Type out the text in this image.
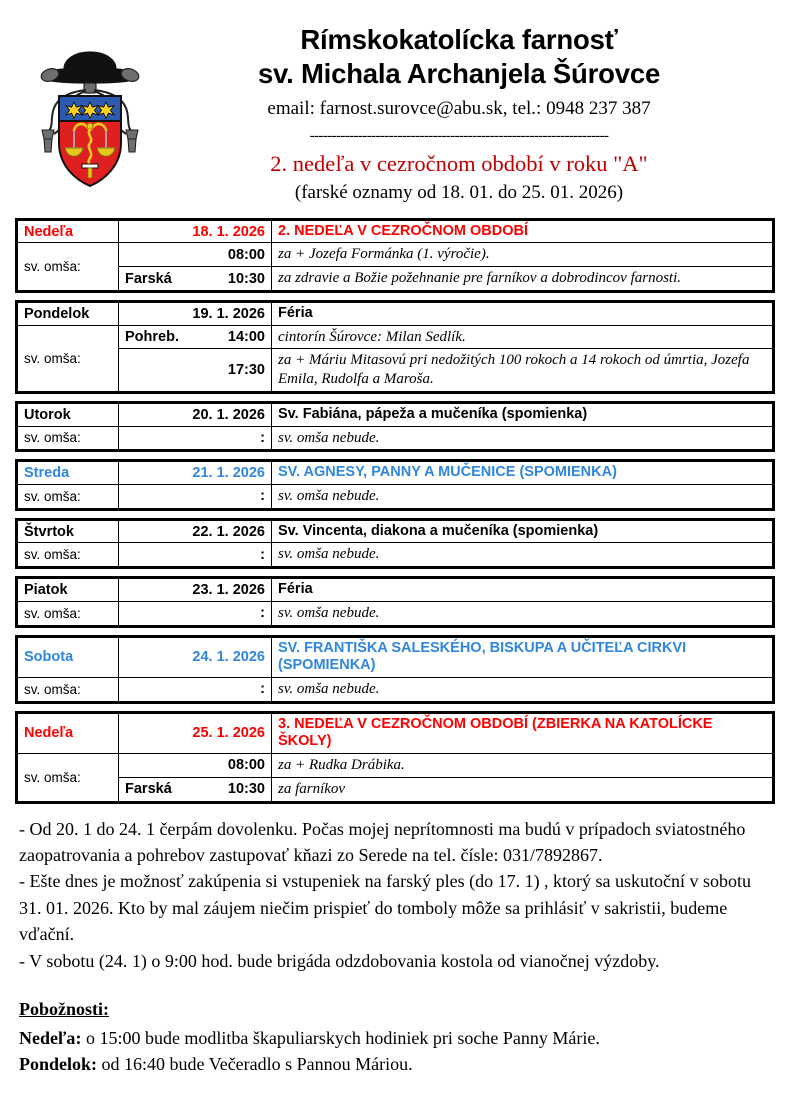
Rímskokatolícka farnosť
sv. Michala Archanjela Šúrovce
email: farnost.surovce@abu.sk, tel.: 0948 237 387
--------------------------------------------------------------------
2. nedeľa v cezročnom období v roku "A"
(farské oznamy od 18. 01. do 25. 01. 2026)
Nedeľa	18. 1. 2026	2. NEDEĽA V CEZROČNOM OBDOBÍ
sv. omša:	08:00	za + Jozefa Formánka (1. výročie).

	Farská 10:30	za zdravie a Božie požehnanie pre farníkov a dobrodincov farnosti.
Pondelok	19. 1. 2026	Féria
sv. omša:	Pohreb. 14:00	cintorín Šúrovce: Milan Sedlík.

	17:30	za + Máriu Mitasovú pri nedožitých 100 rokoch a 14 rokoch od úmrtia, Jozefa Emila, Rudolfa a Maroša.
Utorok	20. 1. 2026	Sv. Fabiána, pápeža a mučeníka (spomienka)
sv. omša:	:	sv. omša nebude.
Streda	21. 1. 2026	SV. AGNESY, PANNY A MUČENICE (SPOMIENKA)
sv. omša:	:	sv. omša nebude.
Štvrtok	22. 1. 2026	Sv. Vincenta, diakona a mučeníka (spomienka)
sv. omša:	:	sv. omša nebude.
Piatok	23. 1. 2026	Féria
sv. omša:	:	sv. omša nebude.
Sobota	24. 1. 2026	SV. FRANTIŠKA SALESKÉHO, BISKUPA A UČITEĽA CIRKVI (SPOMIENKA)
sv. omša:	:	sv. omša nebude.
Nedeľa	25. 1. 2026	3. NEDEĽA V CEZROČNOM OBDOBÍ (ZBIERKA NA KATOLÍCKE ŠKOLY)
sv. omša:	08:00	za + Rudka Drábika.

	Farská 10:30	za farníkov

- Od 20. 1 do 24. 1 čerpám dovolenku. Počas mojej neprítomnosti ma budú v prípadoch sviatostného zaopatrovania a pohrebov zastupovať kňazi zo Serede na tel. čísle: 031/7892867.

- Ešte dnes je možnosť zakúpenia si vstupeniek na farský ples (do 17. 1) , ktorý sa uskutoční v sobotu 31. 01. 2026. Kto by mal záujem niečim prispieť do tomboly môže sa prihlásiť v sakristii, budeme vďační.

- V sobotu (24. 1) o 9:00 hod. bude brigáda odzdobovania kostola od vianočnej výzdoby.

Pobožnosti:

Nedeľa: o 15:00 bude modlitba škapuliarskych hodiniek pri soche Panny Márie.

Pondelok: od 16:40 bude Večeradlo s Pannou Máriou.
